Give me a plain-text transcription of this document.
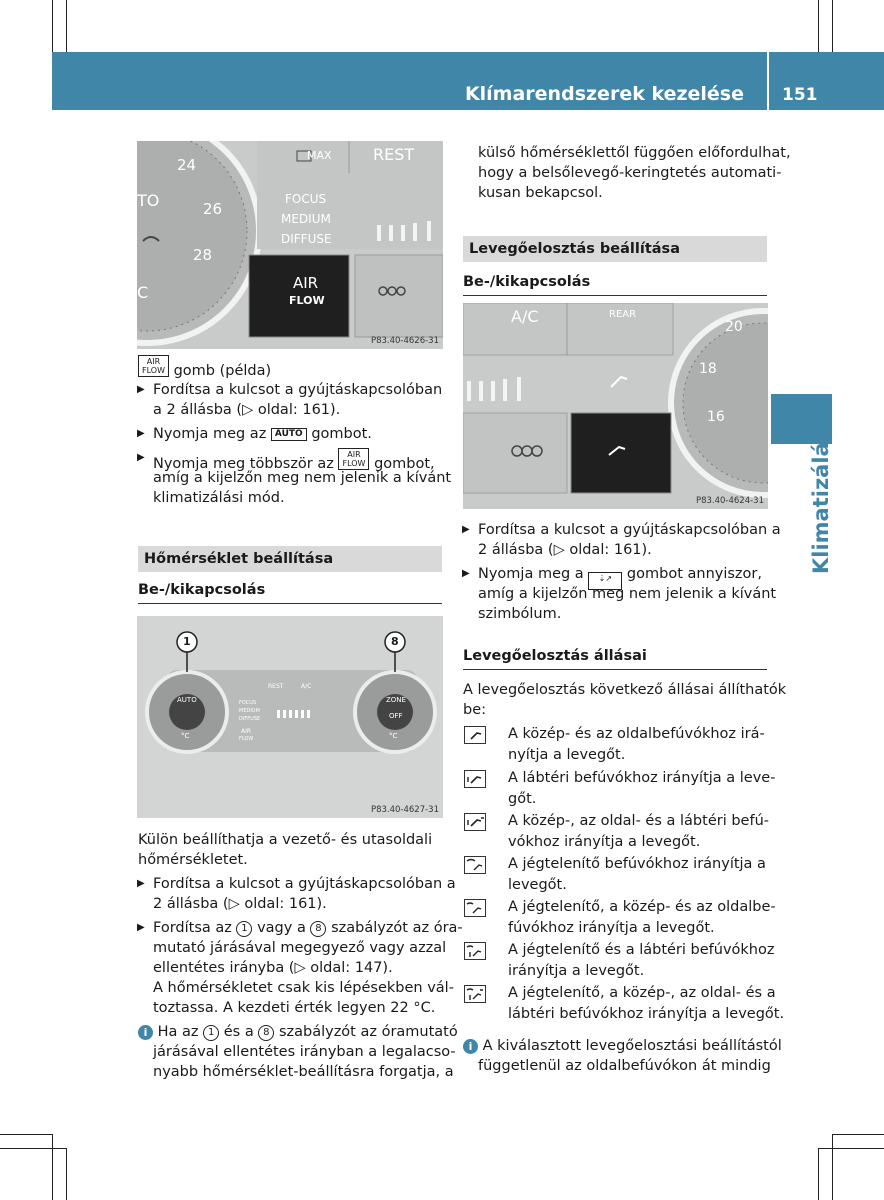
Klímarendszerek kezelése 151
Klimatizálás
24
26
28
TO
C
MAX	REST
FOCUS
MEDIUM
DIFFUSE
AIR
FLOW
P83.40-4626-31
AIR
FLOW gomb (példa)
▶ Fordítsa a kulcsot a gyújtáskapcsolóban
a 2 állásba (▷ oldal: 161).
▶ Nyomja meg az AUTO gombot.
▶ Nyomja meg többször az AIR
FLOW gombot,
amíg a kijelzőn meg nem jelenik a kívánt
klimatizálási mód.
Hőmérséklet beállítása
Be-/kikapcsolás
1	8
AUTO	ZONE
OFF
°C	°C
REST	A/C
FOCUS
MEDIUM
DIFFUSE
AIR
FLOW
P83.40-4627-31
Külön beállíthatja a vezető- és utasoldali
hőmérsékletet.
▶ Fordítsa a kulcsot a gyújtáskapcsolóban a
2 állásba (▷ oldal: 161).
▶ Fordítsa az 1 vagy a 8 szabályzót az óra-
mutató járásával megegyező vagy azzal
ellentétes irányba (▷ oldal: 147).
A hőmérsékletet csak kis lépésekben vál-
toztassa. A kezdeti érték legyen 22 °C.
i Ha az 1 és a 8 szabályzót az óramutató
járásával ellentétes irányban a legalacso-
nyabb hőmérséklet-beállításra forgatja, a
külső hőmérséklettől függően előfordulhat,
hogy a belsőlevegő-keringtetés automati-
kusan bekapcsol.
Levegőelosztás beállítása
Be-/kikapcsolás
A/C	REAR
20
18
16
P83.40-4624-31
▶ Fordítsa a kulcsot a gyújtáskapcsolóban a
2 állásba (▷ oldal: 161).
▶ Nyomja meg a ⇣↗ gombot annyiszor,
amíg a kijelzőn meg nem jelenik a kívánt
szimbólum.
Levegőelosztás állásai
A levegőelosztás következő állásai állíthatók
be:
A közép- és az oldalbefúvókhoz irá-
nyítja a levegőt.
A lábtéri befúvókhoz irányítja a leve-
gőt.
A közép-, az oldal- és a lábtéri befú-
vókhoz irányítja a levegőt.
A jégtelenítő befúvókhoz irányítja a
levegőt.
A jégtelenítő, a közép- és az oldalbe-
fúvókhoz irányítja a levegőt.
A jégtelenítő és a lábtéri befúvókhoz
irányítja a levegőt.
A jégtelenítő, a közép-, az oldal- és a
lábtéri befúvókhoz irányítja a levegőt.
i A kiválasztott levegőelosztási beállítástól
függetlenül az oldalbefúvókon át mindig
